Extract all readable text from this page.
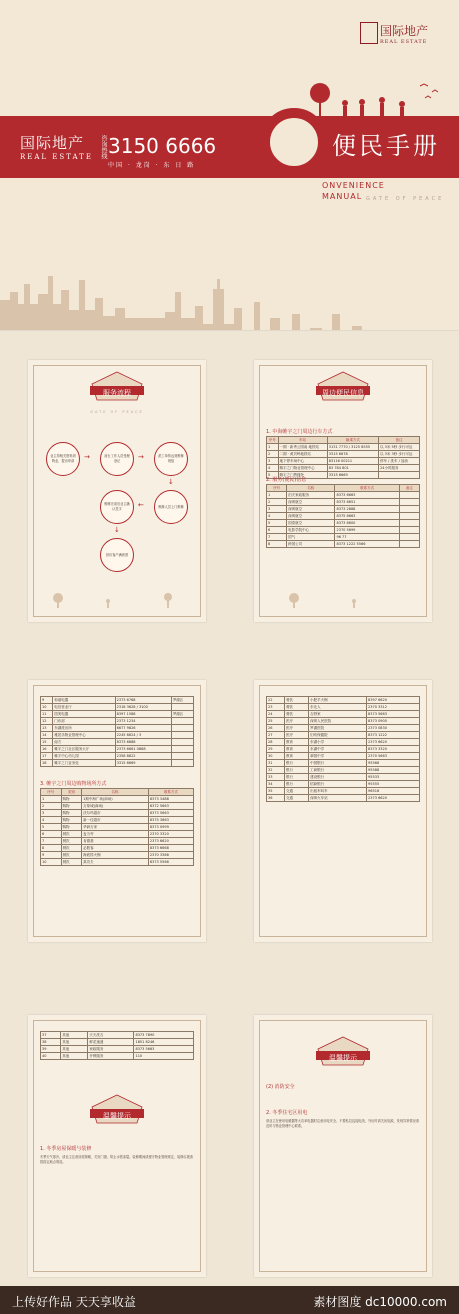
国际地产
REAL ESTATE
国际地产
REAL ESTATE 咨询热线 3150 6666
中国 · 龙岗 · 东 日 路
便民手册
ONVENIENCE
MANUAL GATE OF PEACE
服务流程
GATE OF PEACE
业主持相关资料到物业，提出申请	→	前台工作人员受理登记	→	派工单传达到维修班组
↓
维修人员上门维修
←
维修完成后业主确认签字
↓
回访客户满意度
周边便民信息
1. 中海帷宇之门周边行车方式
序号	车站	换乘方式	备注
1	一期 · 新秀公园南 地铁站	3131 7770 / 3125 6555	以 3米 5秒 步行可达
2	二期 · 黄贝岭地铁站	3315 6678	以 3米 3秒 步行可达
3	地下停车场中心	83116 00211	停车 / 洗车 / 加油
4	帷宇之门物业管理中心	83 784 801	24小时服务
5	帷宇之门售楼处	3315 6669	
2. 服务(便民)信息
序号	名称	联系方式	备注
1	泊夫家政服务	8373 6663	
2	深圳航空	8373 6651	
3	深圳航空	8373 2888	
4	深圳航空	8375 6663	
5	国泰航空	8373 6600	
6	电影学院中心	2370 5699	
7	国气	96 77	
8	跨国公司	8373 1222 5566	
9	和谐电器	2373 6768	罗湖区
10	电信营业厅	2318 3628 / 3100	
11	国美电器	8397 1588	罗湖区
12	门诊部	2373 1234	
13	东湖派出所	6677 9826	
14	雅居乐物业管理中心	2245 6624 / 3	
15	南方	8373 6888	
16	帷宇之门社区服务大厅	2373 6661 0888	
17	帷宇中心幼儿园	2358 8822	
18	帷宇之门业务处	3315 6669	
3. 帷宇之门周边购物场所方式
序号	类别	名称	联系方式
1	购物	1期中海广场(商场)	8373 3488
2	购物	万象城(商场)	8372 5663
3	购物	沃尔玛超市	8373 5663
4	购物	新一佳超市	8375 3663
5	购物	华润万家	8373 0999
6	餐饮	麦当劳	2370 3320
7	餐饮	肯德基	2373 6620
8	餐饮	必胜客	8373 6668
9	餐饮	海底捞火锅	2370 3366
10	餐饮	真功夫	8373 5566
22	餐饮	小肥羊火锅	8397 6620
23	餐饮	东北人	2370 3312
24	餐饮	吉野家	8373 5663
25	医疗	深圳人民医院	8373 0900
26	医疗	罗湖医院	2373 0830
27	医疗	妇幼保健院	8373 1222
28	教育	东湖小学	2373 6620
29	教育	东湖中学	8373 3320
30	教育	翠园中学	2370 5663
31	银行	中国银行	95566
32	银行	工商银行	95588
33	银行	建设银行	95533
34	银行	招商银行	95555
35	交通	出租车叫车	96516
36	交通	深圳火车站	2373 6620
37	其他	天天洗衣	8373 7890
38	其他	鲜花速递	1851 8246
39	其他	家政服务	8373 5663
40	其他	开锁服务	110
温馨提示
1. 冬季房屋保暖与装修
冬季天气寒冷，请业主注意房屋保暖，关好门窗，防止水管冻裂。装修期间请遵守物业管理规定，装修垃圾请按指定地点堆放。
温馨提示
(2) 消防安全
2. 冬季住宅区用电
请业主在使用电暖器等大功率电器时注意用电安全，不要私拉乱接电线，外出时请关闭电源，发现异常情况请及时与物业管理中心联系。
上传好作品 天天享收益	素材图度 dc10000.com
